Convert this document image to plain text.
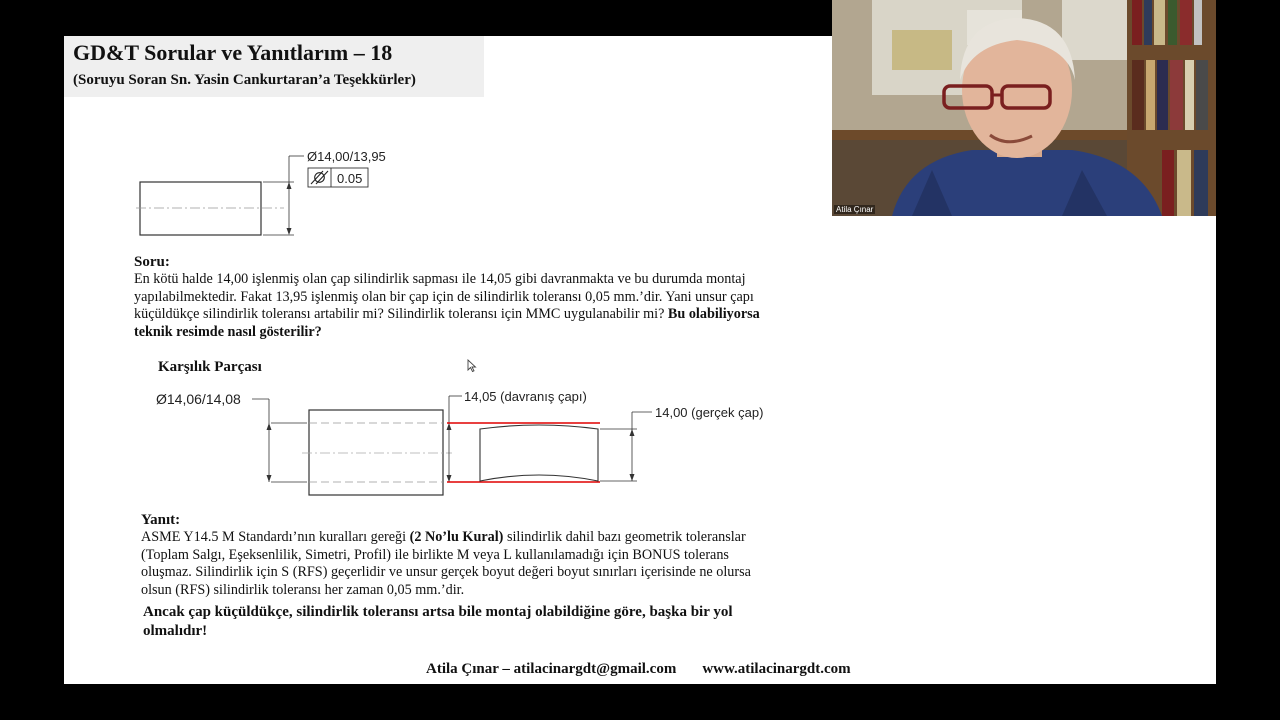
GD&T Sorular ve Yanıtlarım – 18
(Soruyu Soran Sn. Yasin Cankurtaran’a Teşekkürler)
Ø14,00/13,95
0.05
Soru:
En kötü halde 14,00 işlenmiş olan çap silindirlik sapması ile 14,05 gibi davranmakta ve bu durumda montaj yapılabilmektedir. Fakat 13,95 işlenmiş olan bir çap için de silindirlik toleransı 0,05 mm.’dir. Yani unsur çapı küçüldükçe silindirlik toleransı artabilir mi? Silindirlik toleransı için MMC uygulanabilir mi? Bu olabiliyorsa teknik resimde nasıl gösterilir?
Karşılık Parçası
Ø14,06/14,08	14,05 (davranış çapı)
14,00 (gerçek çap)
Yanıt:
ASME Y14.5 M Standardı’nın kuralları gereği (2 No’lu Kural) silindirlik dahil bazı geometrik toleranslar (Toplam Salgı, Eşeksenlilik, Simetri, Profil) ile birlikte M veya L kullanılamadığı için BONUS tolerans oluşmaz. Silindirlik için S (RFS) geçerlidir ve unsur gerçek boyut değeri boyut sınırları içerisinde ne olursa olsun (RFS) silindirlik toleransı her zaman 0,05 mm.’dir.
Ancak çap küçüldükçe, silindirlik toleransı artsa bile montaj olabildiğine göre, başka bir yol olmalıdır!
Atila Çınar – atilacinargdt@gmail.com www.atilacinargdt.com
Atila Çınar
